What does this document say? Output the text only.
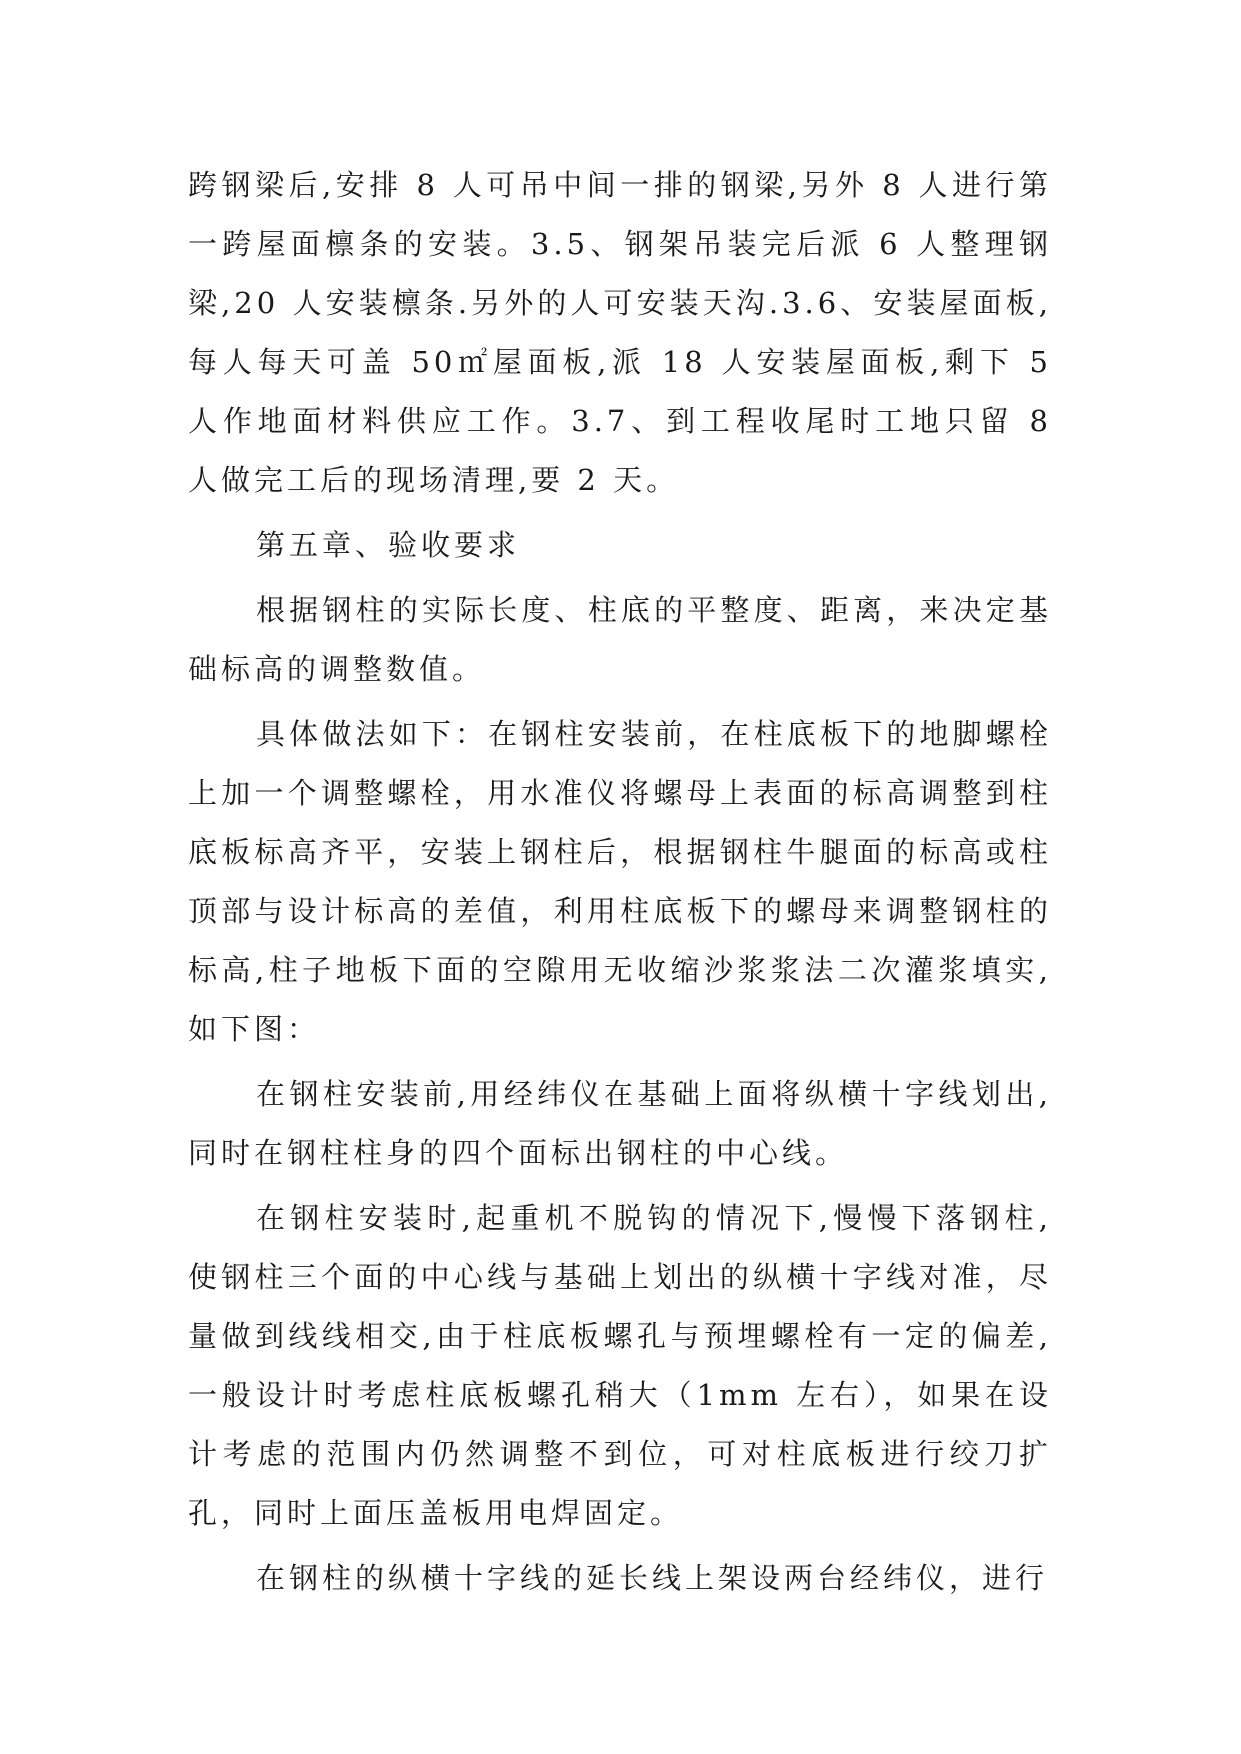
跨钢梁后,安排 8 人可吊中间一排的钢梁,另外 8 人进行第一跨屋面檩条的安装。3.5、钢架吊装完后派 6 人整理钢梁,20 人安装檩条.另外的人可安装天沟.3.6、安装屋面板,每人每天可盖 50㎡屋面板,派 18 人安装屋面板,剩下 5 人作地面材料供应工作。3.7、到工程收尾时工地只留 8 人做完工后的现场清理,要 2 天。

第五章、验收要求

根据钢柱的实际长度、柱底的平整度、距离，来决定基础标高的调整数值。

具体做法如下：在钢柱安装前，在柱底板下的地脚螺栓上加一个调整螺栓，用水准仪将螺母上表面的标高调整到柱底板标高齐平，安装上钢柱后，根据钢柱牛腿面的标高或柱顶部与设计标高的差值，利用柱底板下的螺母来调整钢柱的标高,柱子地板下面的空隙用无收缩沙浆浆法二次灌浆填实,如下图：

在钢柱安装前,用经纬仪在基础上面将纵横十字线划出,同时在钢柱柱身的四个面标出钢柱的中心线。

在钢柱安装时,起重机不脱钩的情况下,慢慢下落钢柱,使钢柱三个面的中心线与基础上划出的纵横十字线对准，尽量做到线线相交,由于柱底板螺孔与预埋螺栓有一定的偏差,一般设计时考虑柱底板螺孔稍大（1mm 左右），如果在设计考虑的范围内仍然调整不到位，可对柱底板进行绞刀扩孔，同时上面压盖板用电焊固定。

在钢柱的纵横十字线的延长线上架设两台经纬仪，进行
